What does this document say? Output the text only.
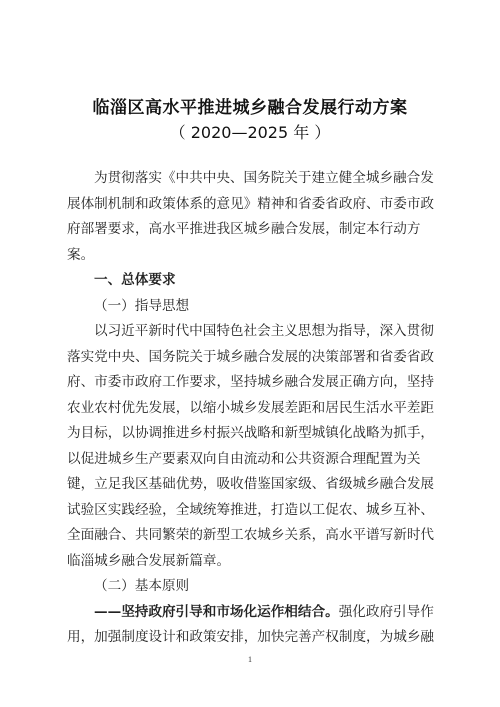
临淄区高水平推进城乡融合发展行动方案
（ 2020—2025 年 ）
为贯彻落实《中共中央、国务院关于建立健全城乡融合发
展体制机制和政策体系的意见》精神和省委省政府、市委市政
府部署要求，高水平推进我区城乡融合发展，制定本行动方
案。
一、总体要求
（一）指导思想
以习近平新时代中国特色社会主义思想为指导，深入贯彻
落实党中央、国务院关于城乡融合发展的决策部署和省委省政
府、市委市政府工作要求，坚持城乡融合发展正确方向，坚持
农业农村优先发展，以缩小城乡发展差距和居民生活水平差距
为目标，以协调推进乡村振兴战略和新型城镇化战略为抓手，
以促进城乡生产要素双向自由流动和公共资源合理配置为关
键，立足我区基础优势，吸收借鉴国家级、省级城乡融合发展
试验区实践经验，全域统筹推进，打造以工促农、城乡互补、
全面融合、共同繁荣的新型工农城乡关系，高水平谱写新时代
临淄城乡融合发展新篇章。
（二）基本原则
——坚持政府引导和市场化运作相结合。强化政府引导作
用，加强制度设计和政策安排，加快完善产权制度，为城乡融
1
